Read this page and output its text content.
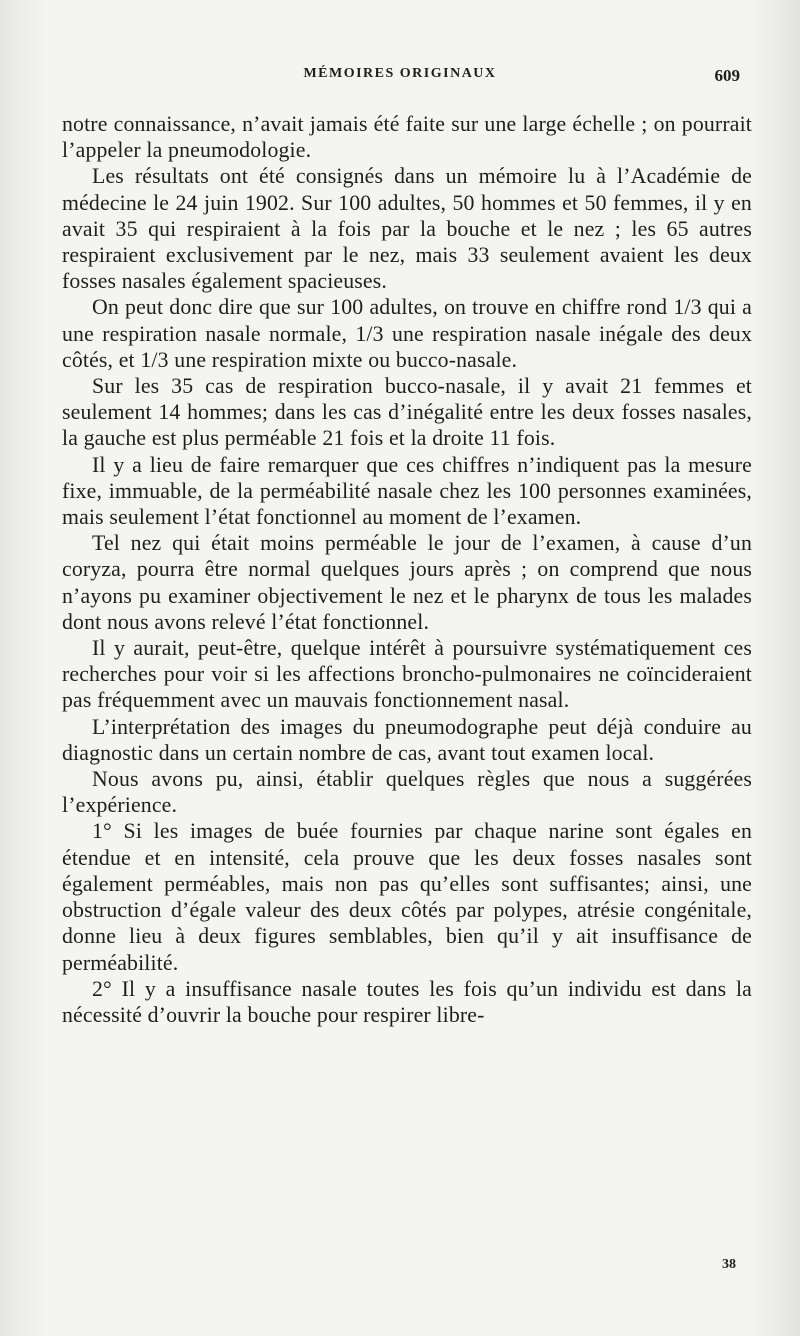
MÉMOIRES ORIGINAUX	609

notre connaissance, n’avait jamais été faite sur une large échelle ; on pourrait l’appeler la pneumodologie.

Les résultats ont été consignés dans un mémoire lu à l’Académie de médecine le 24 juin 1902. Sur 100 adultes, 50 hommes et 50 femmes, il y en avait 35 qui respiraient à la fois par la bouche et le nez ; les 65 autres respiraient exclusivement par le nez, mais 33 seulement avaient les deux fosses nasales également spacieuses.

On peut donc dire que sur 100 adultes, on trouve en chiffre rond 1/3 qui a une respiration nasale normale, 1/3 une respiration nasale inégale des deux côtés, et 1/3 une respiration mixte ou bucco-nasale.

Sur les 35 cas de respiration bucco-nasale, il y avait 21 femmes et seulement 14 hommes; dans les cas d’inégalité entre les deux fosses nasales, la gauche est plus perméable 21 fois et la droite 11 fois.

Il y a lieu de faire remarquer que ces chiffres n’indiquent pas la mesure fixe, immuable, de la perméabilité nasale chez les 100 personnes examinées, mais seulement l’état fonctionnel au moment de l’examen.

Tel nez qui était moins perméable le jour de l’examen, à cause d’un coryza, pourra être normal quelques jours après ; on comprend que nous n’ayons pu examiner objectivement le nez et le pharynx de tous les malades dont nous avons relevé l’état fonctionnel.

Il y aurait, peut-être, quelque intérêt à poursuivre systématiquement ces recherches pour voir si les affections broncho-pulmonaires ne coïncideraient pas fréquemment avec un mauvais fonctionnement nasal.

L’interprétation des images du pneumodographe peut déjà conduire au diagnostic dans un certain nombre de cas, avant tout examen local.

Nous avons pu, ainsi, établir quelques règles que nous a suggérées l’expérience.

1° Si les images de buée fournies par chaque narine sont égales en étendue et en intensité, cela prouve que les deux fosses nasales sont également perméables, mais non pas qu’elles sont suffisantes; ainsi, une obstruction d’égale valeur des deux côtés par polypes, atrésie congénitale, donne lieu à deux figures semblables, bien qu’il y ait insuffisance de perméabilité.

2° Il y a insuffisance nasale toutes les fois qu’un individu est dans la nécessité d’ouvrir la bouche pour respirer libre-

38
